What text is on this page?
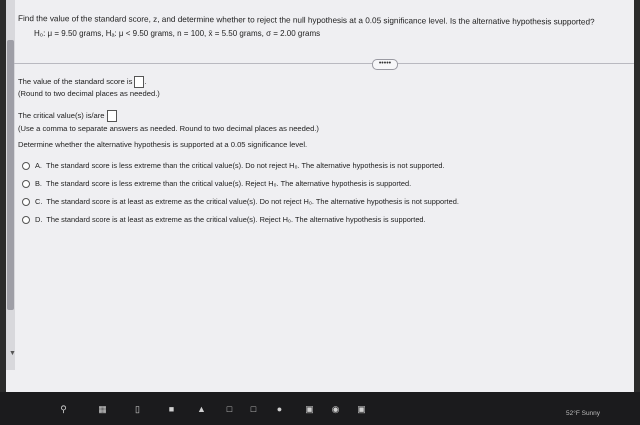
▼
Find the value of the standard score, z, and determine whether to reject the null hypothesis at a 0.05 significance level. Is the alternative hypothesis supported?
H₀: μ = 9.50 grams, Hₐ: μ < 9.50 grams, n = 100, x̄ = 5.50 grams, σ = 2.00 grams
•••••
The value of the standard score is .
(Round to two decimal places as needed.)
The critical value(s) is/are
(Use a comma to separate answers as needed. Round to two decimal places as needed.)
Determine whether the alternative hypothesis is supported at a 0.05 significance level.
A. The standard score is less extreme than the critical value(s). Do not reject H₀. The alternative hypothesis is not supported.
B. The standard score is less extreme than the critical value(s). Reject H₀. The alternative hypothesis is supported.
C. The standard score is at least as extreme as the critical value(s). Do not reject H₀. The alternative hypothesis is not supported.
D. The standard score is at least as extreme as the critical value(s). Reject H₀. The alternative hypothesis is supported.
⚲	▦	▯	■	▲	□	□	●	▣ ◉ ▣	52°F Sunny
